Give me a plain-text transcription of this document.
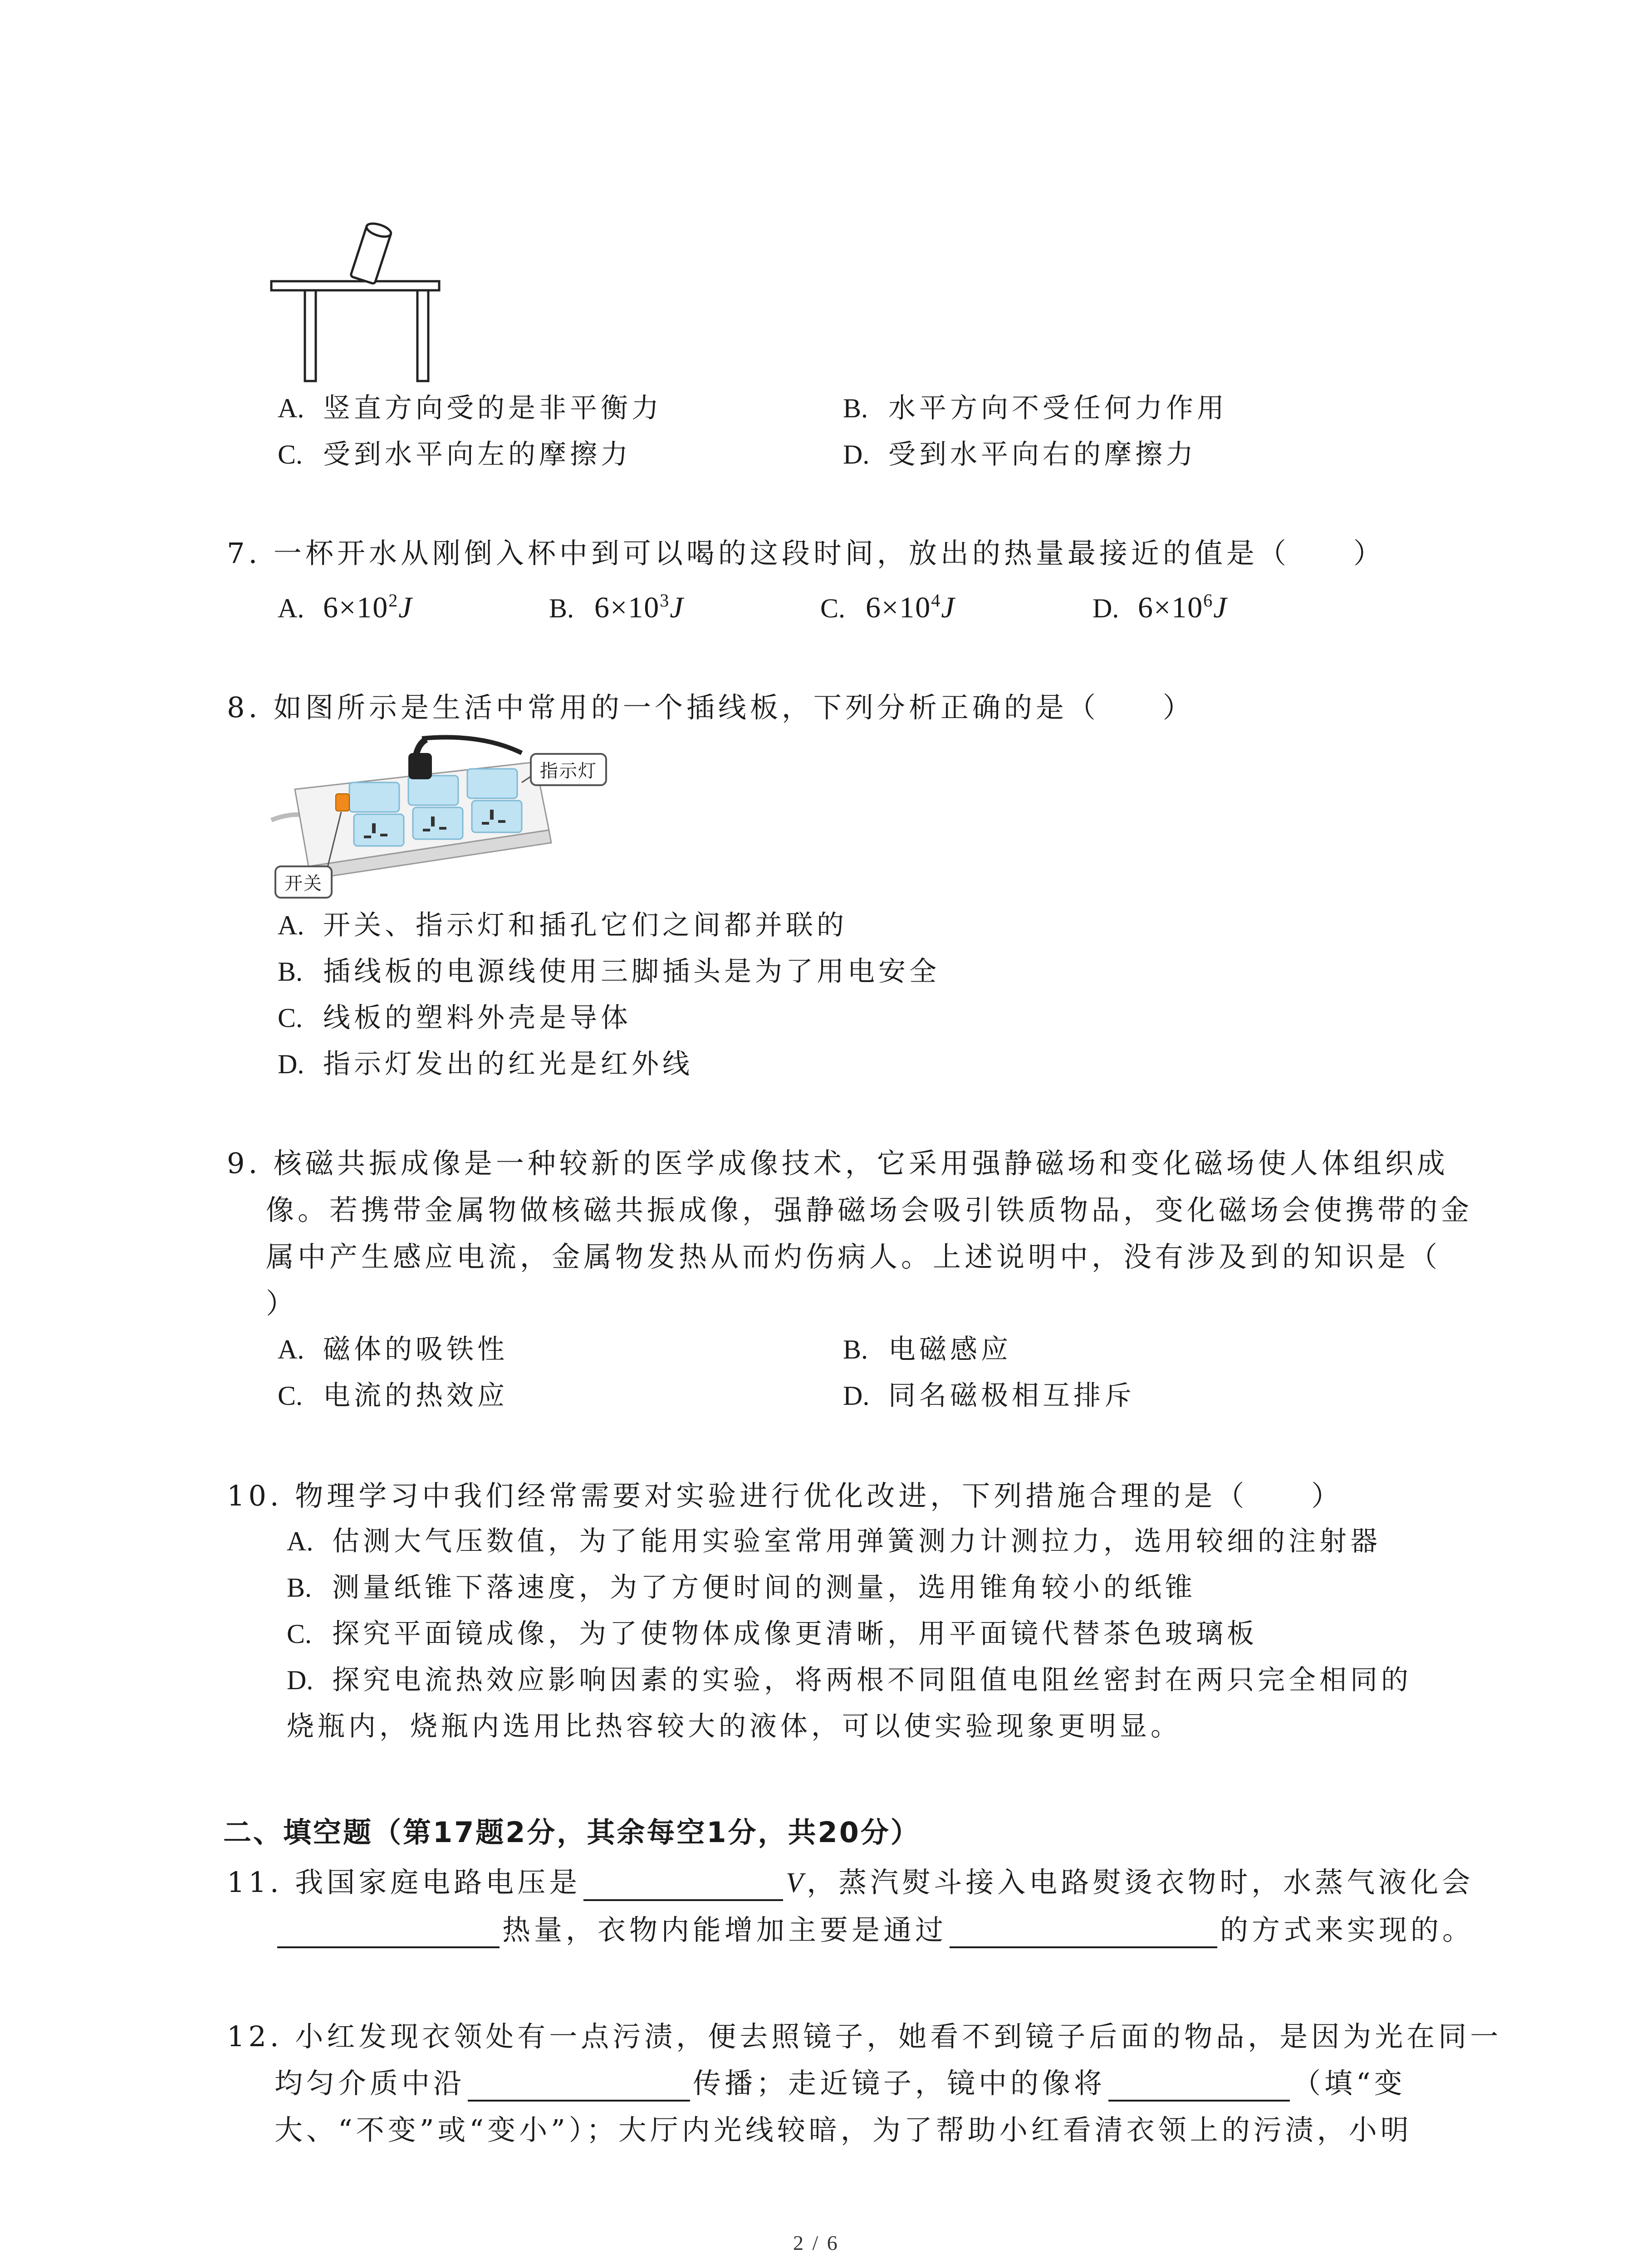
A. 竖直方向受的是非平衡力	B. 水平方向不受任何力作用
C. 受到水平向左的摩擦力	D. 受到水平向右的摩擦力
7. 一杯开水从刚倒入杯中到可以喝的这段时间，放出的热量最接近的值是（　　）
A. $6\times 10^2J$	B. $6\times 10^3J$	C. $6\times 10^4J$	D. $6\times 10^6J$
8. 如图所示是生活中常用的一个插线板，下列分析正确的是（　　）
指示灯
开关
A. 开关、指示灯和插孔它们之间都并联的
B. 插线板的电源线使用三脚插头是为了用电安全
C. 线板的塑料外壳是导体
D. 指示灯发出的红光是红外线
9. 核磁共振成像是一种较新的医学成像技术，它采用强静磁场和变化磁场使人体组织成
像。若携带金属物做核磁共振成像，强静磁场会吸引铁质物品，变化磁场会使携带的金
属中产生感应电流，金属物发热从而灼伤病人。上述说明中，没有涉及到的知识是（
）
A. 磁体的吸铁性	B. 电磁感应
C. 电流的热效应	D. 同名磁极相互排斥
10. 物理学习中我们经常需要对实验进行优化改进，下列措施合理的是（　　）
A. 估测大气压数值，为了能用实验室常用弹簧测力计测拉力，选用较细的注射器
B. 测量纸锥下落速度，为了方便时间的测量，选用锥角较小的纸锥
C. 探究平面镜成像，为了使物体成像更清晰，用平面镜代替茶色玻璃板
D. 探究电流热效应影响因素的实验，将两根不同阻值电阻丝密封在两只完全相同的
烧瓶内，烧瓶内选用比热容较大的液体，可以使实验现象更明显。
二、填空题（第17题2分，其余每空1分，共20分）
11. 我国家庭电路电压是	V，蒸汽熨斗接入电路熨烫衣物时，水蒸气液化会
热量，衣物内能增加主要是通过	的方式来实现的。
12. 小红发现衣领处有一点污渍，便去照镜子，她看不到镜子后面的物品，是因为光在同一
均匀介质中沿	传播；走近镜子，镜中的像将	（填“变
大、“不变”或“变小”）；大厅内光线较暗，为了帮助小红看清衣领上的污渍，小明
2 / 6
